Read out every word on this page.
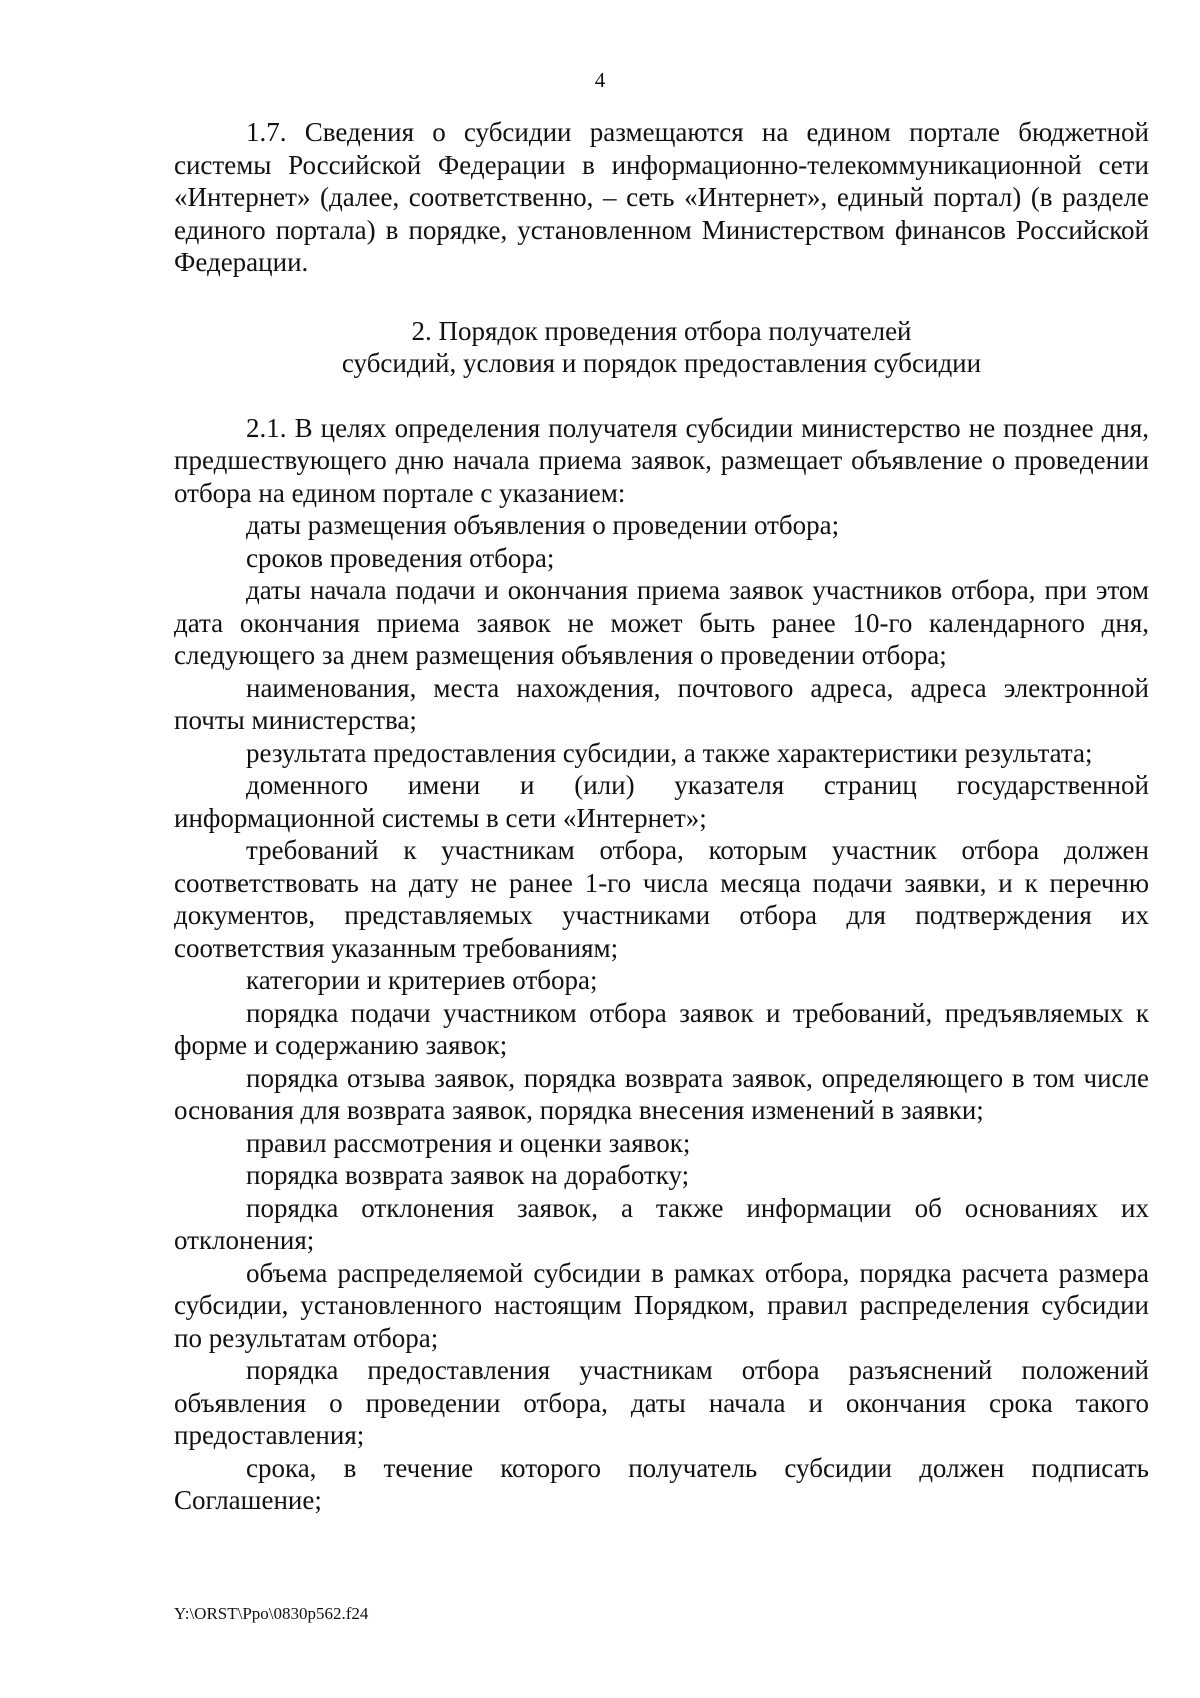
4

1.7. Сведения о субсидии размещаются на едином портале бюджетной системы Российской Федерации в информационно-телекоммуникационной сети «Интернет» (далее, соответственно, – сеть «Интернет», единый портал) (в разделе единого портала) в порядке, установленном Министерством финансов Российской Федерации.

2. Порядок проведения отбора получателей
субсидий, условия и порядок предоставления субсидии

2.1. В целях определения получателя субсидии министерство не позднее дня, предшествующего дню начала приема заявок, размещает объявление о проведении отбора на едином портале с указанием:

даты размещения объявления о проведении отбора;

сроков проведения отбора;

даты начала подачи и окончания приема заявок участников отбора, при этом дата окончания приема заявок не может быть ранее 10-го календарного дня, следующего за днем размещения объявления о проведении отбора;

наименования, места нахождения, почтового адреса, адреса электронной почты министерства;

результата предоставления субсидии, а также характеристики результата;

доменного имени и (или) указателя страниц государственной информационной системы в сети «Интернет»;

требований к участникам отбора, которым участник отбора должен соответствовать на дату не ранее 1-го числа месяца подачи заявки, и к перечню документов, представляемых участниками отбора для подтверждения их соответствия указанным требованиям;

категории и критериев отбора;

порядка подачи участником отбора заявок и требований, предъявляемых к форме и содержанию заявок;

порядка отзыва заявок, порядка возврата заявок, определяющего в том числе основания для возврата заявок, порядка внесения изменений в заявки;

правил рассмотрения и оценки заявок;

порядка возврата заявок на доработку;

порядка отклонения заявок, а также информации об основаниях их отклонения;

объема распределяемой субсидии в рамках отбора, порядка расчета размера субсидии, установленного настоящим Порядком, правил распределения субсидии по результатам отбора;

порядка предоставления участникам отбора разъяснений положений объявления о проведении отбора, даты начала и окончания срока такого предоставления;

срока, в течение которого получатель субсидии должен подписать Соглашение;

Y:\ORST\Ppo\0830p562.f24
